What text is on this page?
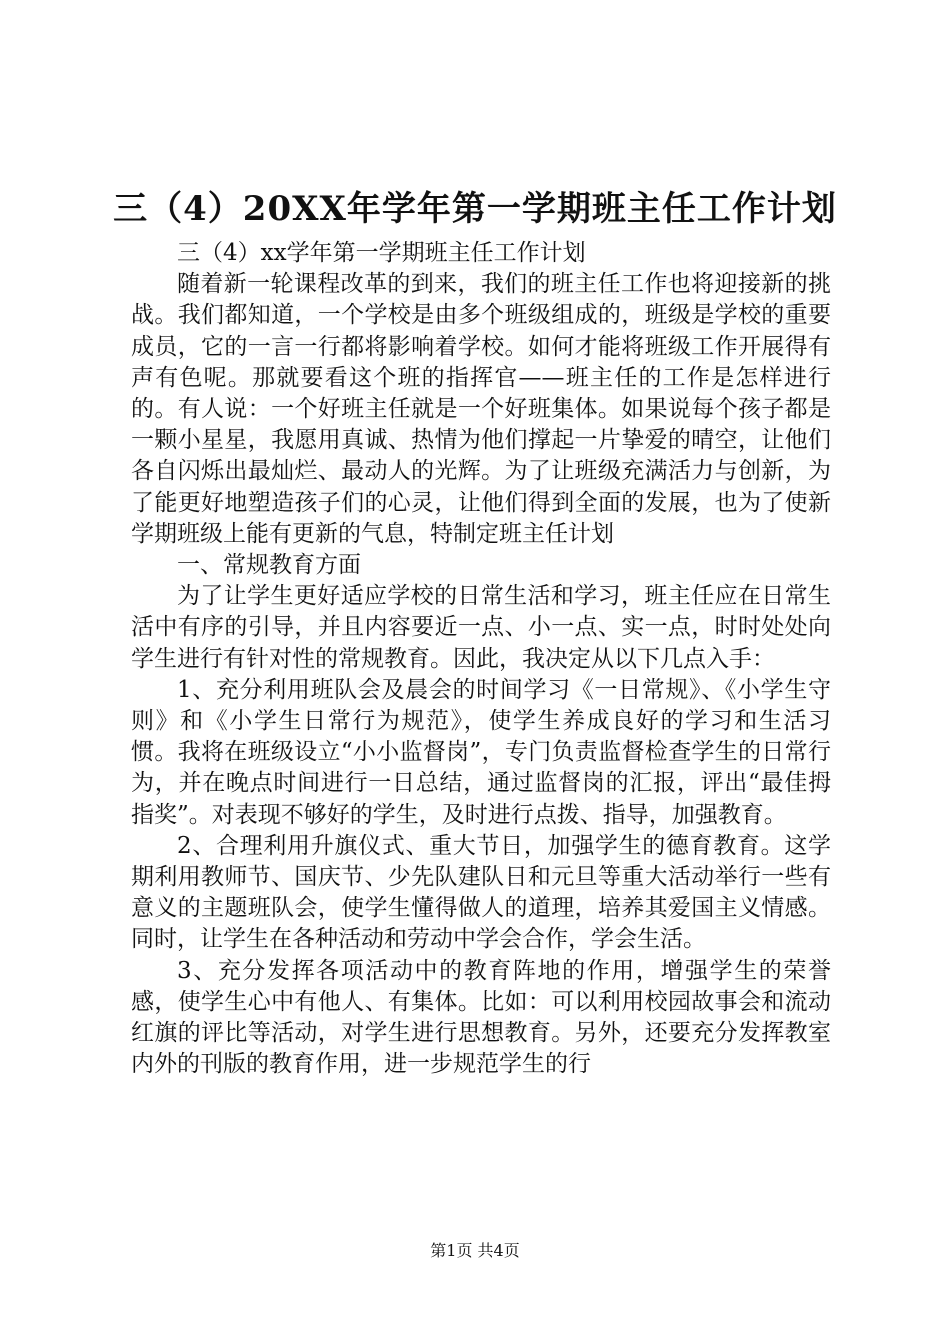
三（4）20XX年学年第一学期班主任工作计划

三（4）xx学年第一学期班主任工作计划

随着新一轮课程改革的到来，我们的班主任工作也将迎接新的挑战。我们都知道，一个学校是由多个班级组成的，班级是学校的重要成员，它的一言一行都将影响着学校。如何才能将班级工作开展得有声有色呢。那就要看这个班的指挥官——班主任的工作是怎样进行的。有人说：一个好班主任就是一个好班集体。如果说每个孩子都是一颗小星星，我愿用真诚、热情为他们撑起一片挚爱的晴空，让他们各自闪烁出最灿烂、最动人的光辉。为了让班级充满活力与创新，为了能更好地塑造孩子们的心灵，让他们得到全面的发展，也为了使新学期班级上能有更新的气息，特制定班主任计划

一、常规教育方面

为了让学生更好适应学校的日常生活和学习，班主任应在日常生活中有序的引导，并且内容要近一点、小一点、实一点，时时处处向学生进行有针对性的常规教育。因此，我决定从以下几点入手：

1、充分利用班队会及晨会的时间学习《一日常规》、《小学生守则》和《小学生日常行为规范》，使学生养成良好的学习和生活习惯。我将在班级设立“小小监督岗”，专门负责监督检查学生的日常行为，并在晚点时间进行一日总结，通过监督岗的汇报，评出“最佳拇指奖”。对表现不够好的学生，及时进行点拨、指导，加强教育。

2、合理利用升旗仪式、重大节日，加强学生的德育教育。这学期利用教师节、国庆节、少先队建队日和元旦等重大活动举行一些有意义的主题班队会，使学生懂得做人的道理，培养其爱国主义情感。同时，让学生在各种活动和劳动中学会合作，学会生活。

3、充分发挥各项活动中的教育阵地的作用，增强学生的荣誉感，使学生心中有他人、有集体。比如：可以利用校园故事会和流动红旗的评比等活动，对学生进行思想教育。另外，还要充分发挥教室内外的刊版的教育作用，进一步规范学生的行

第1页 共4页
